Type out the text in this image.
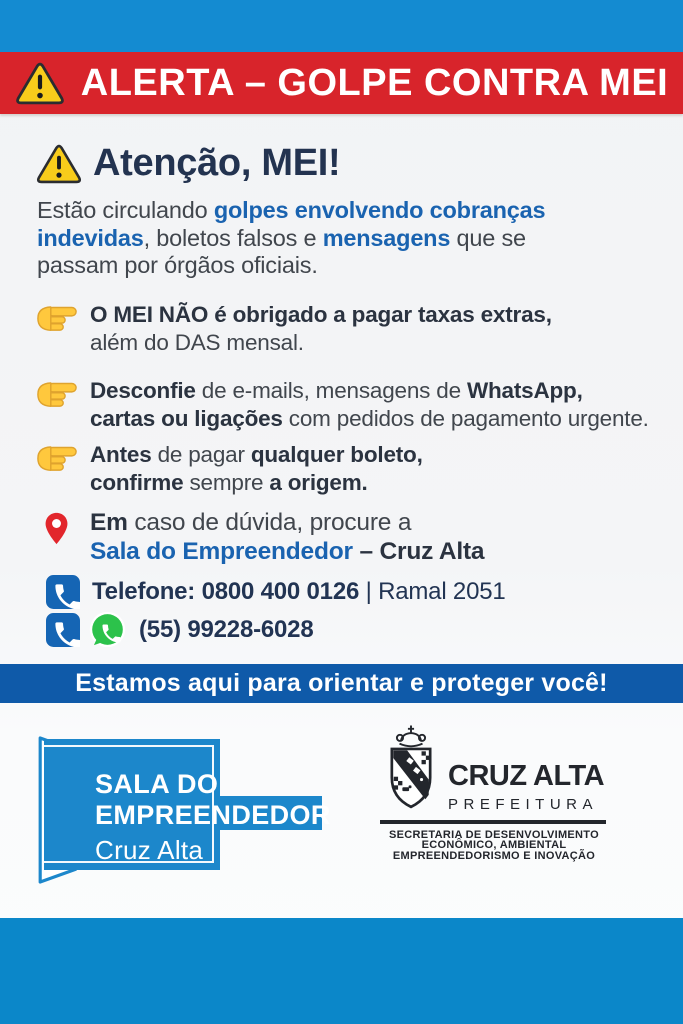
ALERTA – GOLPE CONTRA MEI
Atenção, MEI!
Estão circulando golpes envolvendo cobranças
indevidas, boletos falsos e mensagens que se
passam por órgãos oficiais.
O MEI NÃO é obrigado a pagar taxas extras,
além do DAS mensal.
Desconfie de e-mails, mensagens de WhatsApp,
cartas ou ligações com pedidos de pagamento urgente.
Antes de pagar qualquer boleto,
confirme sempre a origem.
Em caso de dúvida, procure a
Sala do Empreendedor – Cruz Alta
Telefone: 0800 400 0126 | Ramal 2051
(55) 99228-6028
Estamos aqui para orientar e proteger você!
SALA DO
EMPREENDEDOR
Cruz Alta
CRUZ ALTA
PREFEITURA
SECRETARIA DE DESENVOLVIMENTO
ECONÔMICO, AMBIENTAL
EMPREENDEDORISMO E INOVAÇÃO
